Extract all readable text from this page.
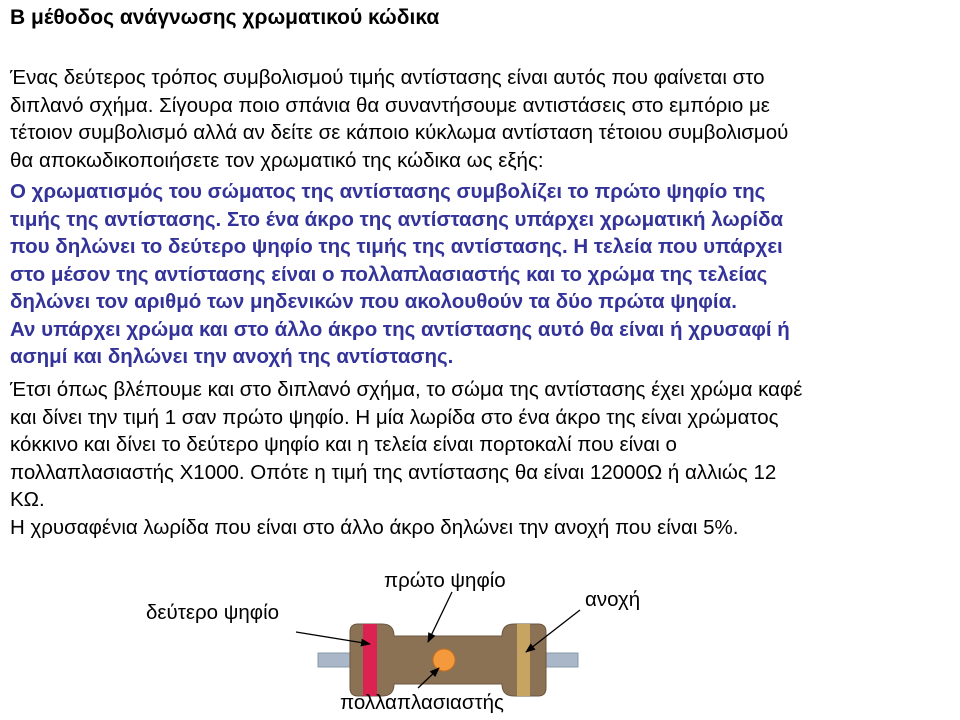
Β μέθοδος ανάγνωσης χρωματικού κώδικα
Ένας δεύτερος τρόπος συμβολισμού τιμής αντίστασης είναι αυτός που φαίνεται στο
διπλανό σχήμα. Σίγουρα ποιο σπάνια θα συναντήσουμε αντιστάσεις στο εμπόριο με
τέτοιον συμβολισμό αλλά αν δείτε σε κάποιο κύκλωμα αντίσταση τέτοιου συμβολισμού
θα αποκωδικοποιήσετε τον χρωματικό της κώδικα ως εξής:
Ο χρωματισμός του σώματος της αντίστασης συμβολίζει το πρώτο ψηφίο της
τιμής της αντίστασης. Στο ένα άκρο της αντίστασης υπάρχει χρωματική λωρίδα
που δηλώνει το δεύτερο ψηφίο της τιμής της αντίστασης. Η τελεία που υπάρχει
στο μέσον της αντίστασης είναι ο πολλαπλασιαστής και το χρώμα της τελείας
δηλώνει τον αριθμό των μηδενικών που ακολουθούν τα δύο πρώτα ψηφία.
Αν υπάρχει χρώμα και στο άλλο άκρο της αντίστασης αυτό θα είναι ή χρυσαφί ή
ασημί και δηλώνει την ανοχή της αντίστασης.
Έτσι όπως βλέπουμε και στο διπλανό σχήμα, το σώμα της αντίστασης έχει χρώμα καφέ
και δίνει την τιμή 1 σαν πρώτο ψηφίο. Η μία λωρίδα στο ένα άκρο της είναι χρώματος
κόκκινο και δίνει το δεύτερο ψηφίο και η τελεία είναι πορτοκαλί που είναι ο
πολλαπλασιαστής Χ1000. Οπότε η τιμή της αντίστασης θα είναι 12000Ω ή αλλιώς 12
ΚΩ.
Η χρυσαφένια λωρίδα που είναι στο άλλο άκρο δηλώνει την ανοχή που είναι 5%.
πρώτο ψηφίο
δεύτερο ψηφίο
ανοχή
πολλαπλασιαστής
